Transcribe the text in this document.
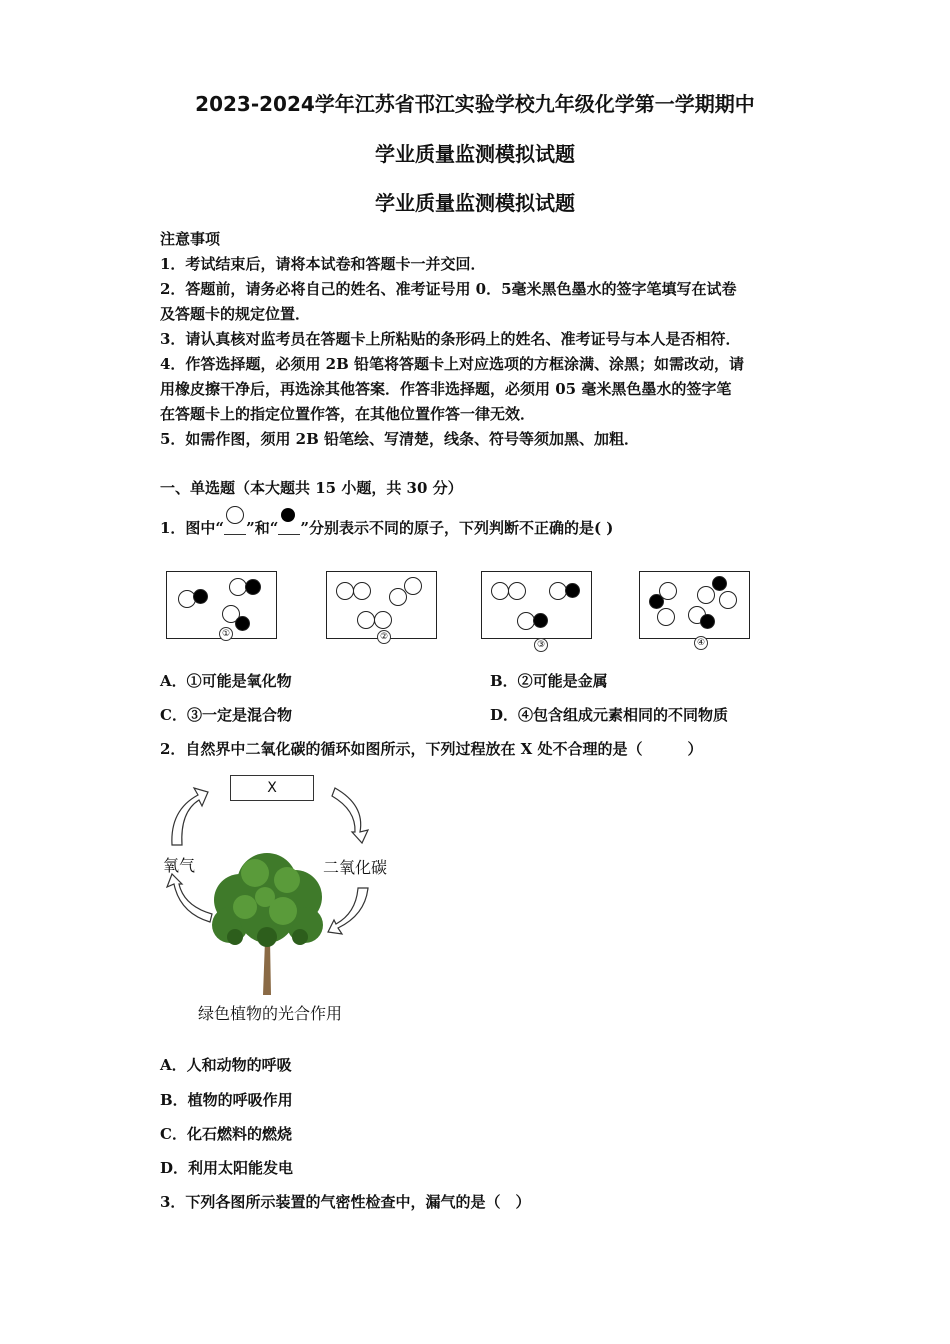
2023-2024学年江苏省邗江实验学校九年级化学第一学期期中
学业质量监测模拟试题
学业质量监测模拟试题
注意事项
1．考试结束后，请将本试卷和答题卡一并交回．
2．答题前，请务必将自己的姓名、准考证号用 0．5毫米黑色墨水的签字笔填写在试卷
及答题卡的规定位置．
3．请认真核对监考员在答题卡上所粘贴的条形码上的姓名、准考证号与本人是否相符．
4．作答选择题，必须用 2B 铅笔将答题卡上对应选项的方框涂满、涂黑；如需改动，请
用橡皮擦干净后，再选涂其他答案．作答非选择题，必须用 05 毫米黑色墨水的签字笔
在答题卡上的指定位置作答，在其他位置作答一律无效．
5．如需作图，须用 2B 铅笔绘、写清楚，线条、符号等须加黑、加粗．
一、单选题（本大题共 15 小题，共 30 分）
1．图中“ ”和“ ”分别表示不同的原子，下列判断不正确的是( )
①	②
③	④
A．①可能是氧化物	B．②可能是金属
C．③一定是混合物	D．④包含组成元素相同的不同物质
2．自然界中二氧化碳的循环如图所示，下列过程放在 X 处不合理的是（　　　）
X
氧气	二氧化碳
绿色植物的光合作用
A．人和动物的呼吸
B．植物的呼吸作用
C．化石燃料的燃烧
D．利用太阳能发电
3．下列各图所示装置的气密性检查中，漏气的是（　）
